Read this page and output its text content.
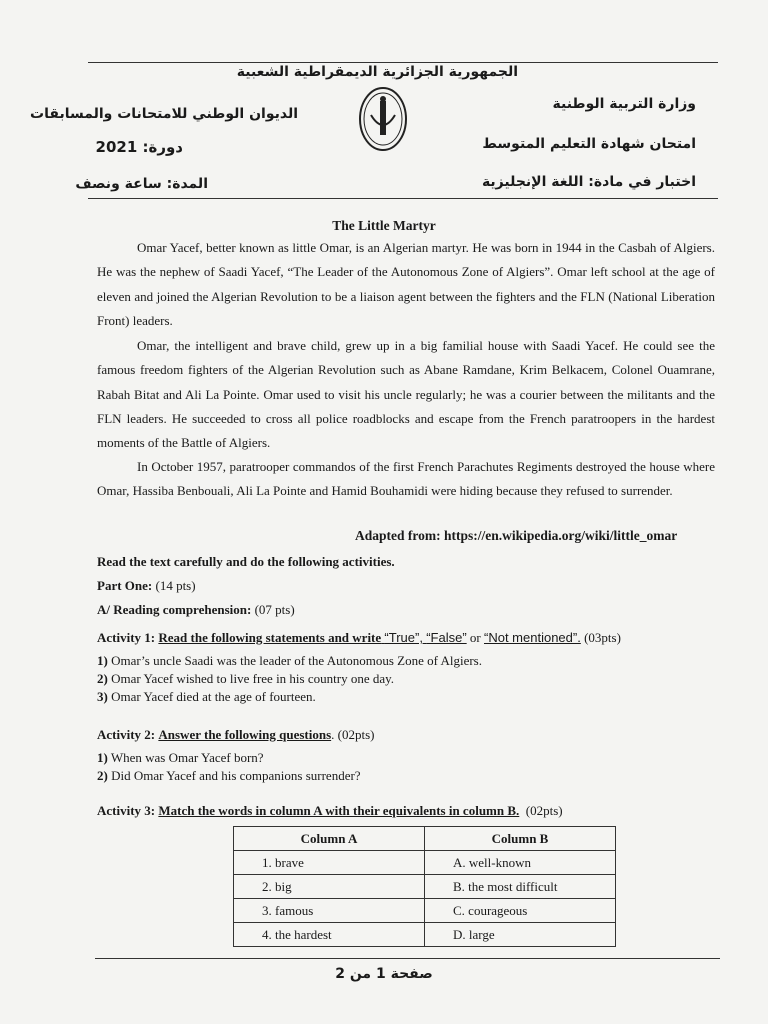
الجمهورية الجزائرية الديمقراطية الشعبية
وزارة التربية الوطنية
الديوان الوطني للامتحانات والمسابقات
امتحان شهادة التعليم المتوسط
دورة: 2021
اختبار في مادة: اللغة الإنجليزية
المدة: ساعة ونصف
The Little Martyr
Omar Yacef, better known as little Omar, is an Algerian martyr. He was born in 1944 in the Casbah of Algiers. He was the nephew of Saadi Yacef, “The Leader of the Autonomous Zone of Algiers”. Omar left school at the age of eleven and joined the Algerian Revolution to be a liaison agent between the fighters and the FLN (National Liberation Front) leaders.
Omar, the intelligent and brave child, grew up in a big familial house with Saadi Yacef. He could see the famous freedom fighters of the Algerian Revolution such as Abane Ramdane, Krim Belkacem, Colonel Ouamrane, Rabah Bitat and Ali La Pointe. Omar used to visit his uncle regularly; he was a courier between the militants and the FLN leaders. He succeeded to cross all police roadblocks and escape from the French paratroopers in the hardest moments of the Battle of Algiers.
In October 1957, paratrooper commandos of the first French Parachutes Regiments destroyed the house where Omar, Hassiba Benbouali, Ali La Pointe and Hamid Bouhamidi were hiding because they refused to surrender.
Adapted from: https://en.wikipedia.org/wiki/little_omar
Read the text carefully and do the following activities.
Part One: (14 pts)
A/ Reading comprehension: (07 pts)
Activity 1: Read the following statements and write “True”, “False” or “Not mentioned”. (03pts)
1) Omar’s uncle Saadi was the leader of the Autonomous Zone of Algiers.
2) Omar Yacef wished to live free in his country one day.
3) Omar Yacef died at the age of fourteen.
Activity 2: Answer the following questions. (02pts)
1) When was Omar Yacef born?
2) Did Omar Yacef and his companions surrender?
Activity 3: Match the words in column A with their equivalents in column B. (02pts)
Column A	Column B
1. brave	A. well-known
2. big	B. the most difficult
3. famous	C. courageous
4. the hardest	D. large
صفحة 1 من 2
